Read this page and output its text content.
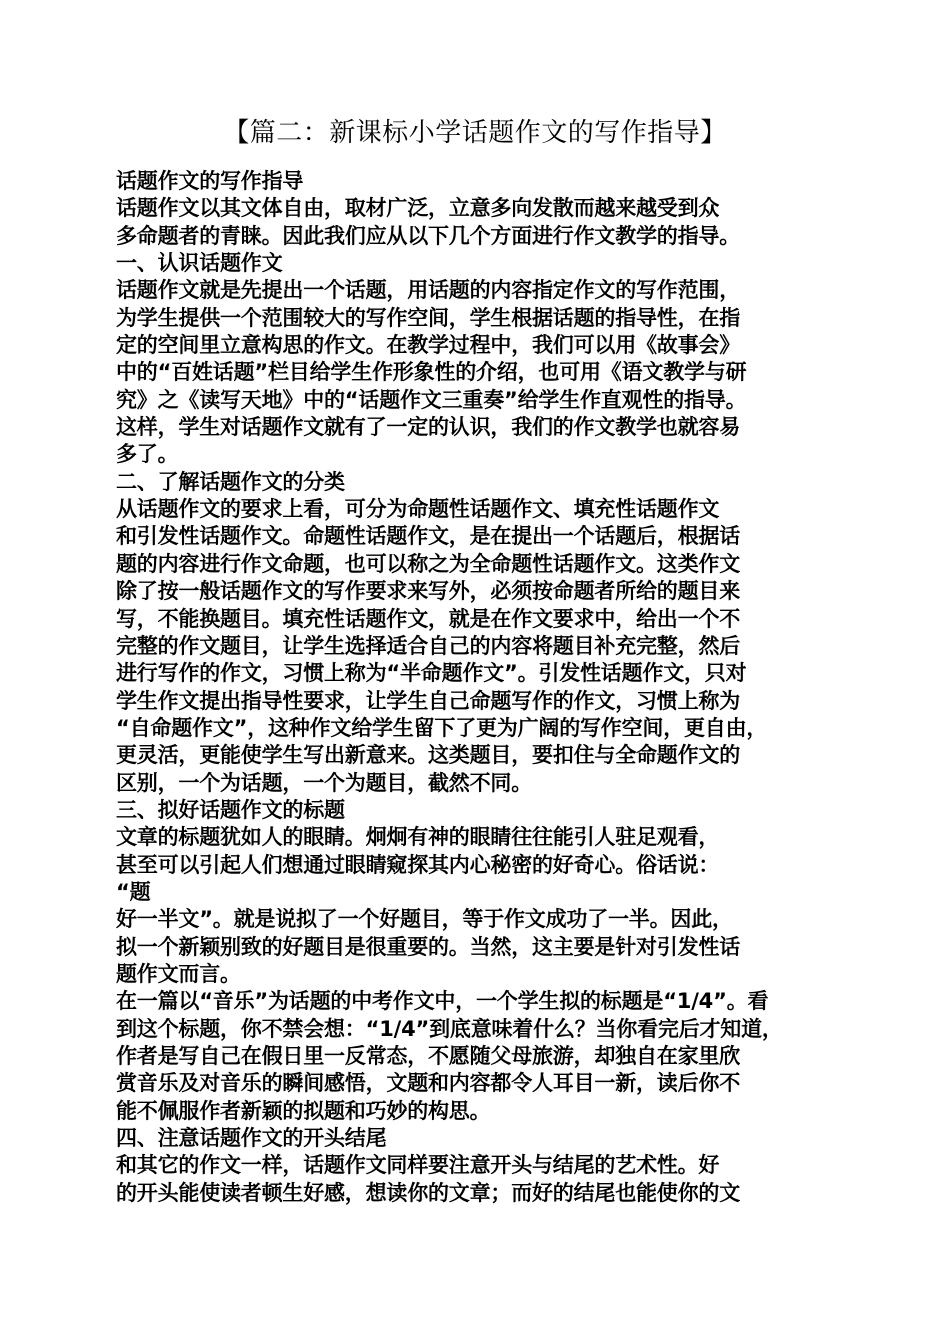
【篇二：新课标小学话题作文的写作指导】
话题作文的写作指导
话题作文以其文体自由，取材广泛，立意多向发散而越来越受到众
多命题者的青睐。因此我们应从以下几个方面进行作文教学的指导。
一、认识话题作文
话题作文就是先提出一个话题，用话题的内容指定作文的写作范围，
为学生提供一个范围较大的写作空间，学生根据话题的指导性，在指
定的空间里立意构思的作文。在教学过程中，我们可以用《故事会》
中的“百姓话题”栏目给学生作形象性的介绍，也可用《语文教学与研
究》之《读写天地》中的“话题作文三重奏”给学生作直观性的指导。
这样，学生对话题作文就有了一定的认识，我们的作文教学也就容易
多了。
二、了解话题作文的分类
从话题作文的要求上看，可分为命题性话题作文、填充性话题作文
和引发性话题作文。命题性话题作文，是在提出一个话题后，根据话
题的内容进行作文命题，也可以称之为全命题性话题作文。这类作文
除了按一般话题作文的写作要求来写外，必须按命题者所给的题目来
写，不能换题目。填充性话题作文，就是在作文要求中，给出一个不
完整的作文题目，让学生选择适合自己的内容将题目补充完整，然后
进行写作的作文，习惯上称为“半命题作文”。引发性话题作文，只对
学生作文提出指导性要求，让学生自己命题写作的作文，习惯上称为
“自命题作文”，这种作文给学生留下了更为广阔的写作空间，更自由，
更灵活，更能使学生写出新意来。这类题目，要扣住与全命题作文的
区别，一个为话题，一个为题目，截然不同。
三、拟好话题作文的标题
文章的标题犹如人的眼睛。炯炯有神的眼睛往往能引人驻足观看，
甚至可以引起人们想通过眼睛窥探其内心秘密的好奇心。俗话说：
“题
好一半文”。就是说拟了一个好题目，等于作文成功了一半。因此，
拟一个新颖别致的好题目是很重要的。当然，这主要是针对引发性话
题作文而言。
在一篇以“音乐”为话题的中考作文中，一个学生拟的标题是“1/4”。看
到这个标题，你不禁会想：“1/4”到底意味着什么？当你看完后才知道，
作者是写自己在假日里一反常态，不愿随父母旅游，却独自在家里欣
赏音乐及对音乐的瞬间感悟，文题和内容都令人耳目一新，读后你不
能不佩服作者新颖的拟题和巧妙的构思。
四、注意话题作文的开头结尾
和其它的作文一样，话题作文同样要注意开头与结尾的艺术性。好
的开头能使读者顿生好感，想读你的文章；而好的结尾也能使你的文
